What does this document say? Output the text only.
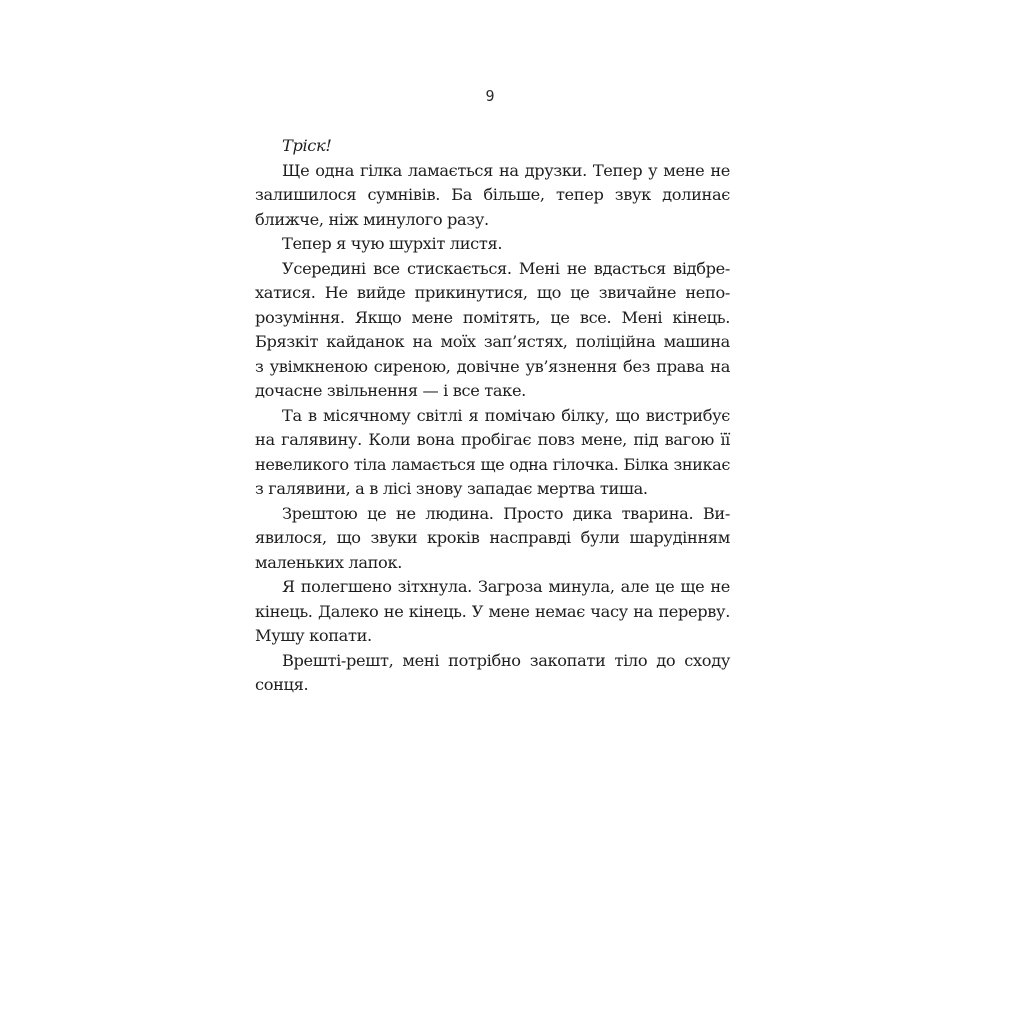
9
Тріск!
Ще одна гілка ламається на друзки. Тепер у мене не
залишилося сумнівів. Ба більше, тепер звук долинає
ближче, ніж минулого разу.
Тепер я чую шурхіт листя.
Усередині все стискається. Мені не вдасться відбре-
хатися. Не вийде прикинутися, що це звичайне непо-
розуміння. Якщо мене помітять, це все. Мені кінець.
Брязкіт кайданок на моїх зап’ястях, поліційна машина
з увімкненою сиреною, довічне ув’язнення без права на
дочасне звільнення — і все таке.
Та в місячному світлі я помічаю білку, що вистрибує
на галявину. Коли вона пробігає повз мене, під вагою її
невеликого тіла ламається ще одна гілочка. Білка зникає
з галявини, а в лісі знову западає мертва тиша.
Зрештою це не людина. Просто дика тварина. Ви-
явилося, що звуки кроків насправді були шарудінням
маленьких лапок.
Я полегшено зітхнула. Загроза минула, але це ще не
кінець. Далеко не кінець. У мене немає часу на перерву.
Мушу копати.
Врешті-решт, мені потрібно закопати тіло до сходу
сонця.
